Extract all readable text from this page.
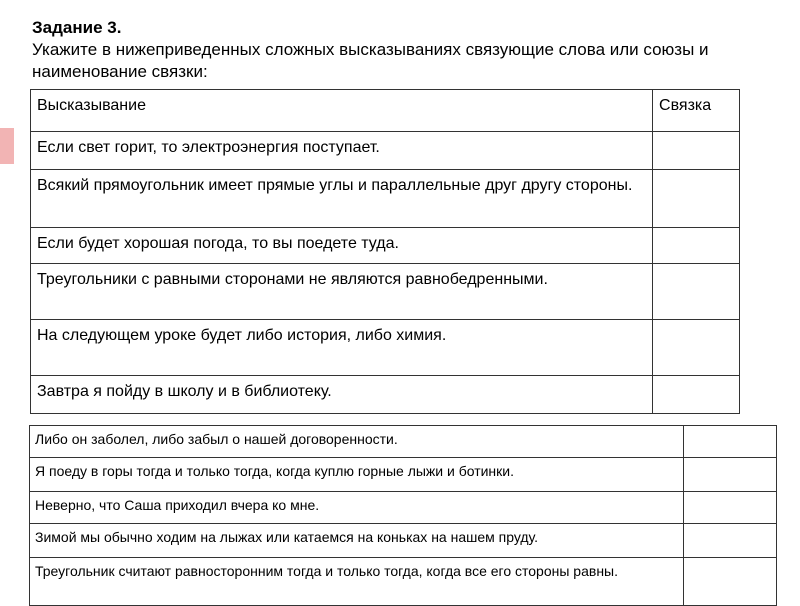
Задание 3.
Укажите в нижеприведенных сложных высказываниях связующие слова или союзы и наименование связки:
Высказывание	Связка
Если свет горит, то электроэнергия поступает.	
Всякий прямоугольник имеет прямые углы и параллельные друг другу стороны.	
Если будет хорошая погода, то вы поедете туда.	
Треугольники с равными сторонами не являются равнобедренными.	
На следующем уроке будет либо история, либо химия.	
Завтра я пойду в школу и в библиотеку.	
Либо он заболел, либо забыл о нашей договоренности.	
Я поеду в горы тогда и только тогда, когда куплю горные лыжи и ботинки.	
Неверно, что Саша приходил вчера ко мне.	
Зимой мы обычно ходим на лыжах или катаемся на коньках на нашем пруду.	
Треугольник считают равносторонним тогда и только тогда, когда все его стороны равны.	
